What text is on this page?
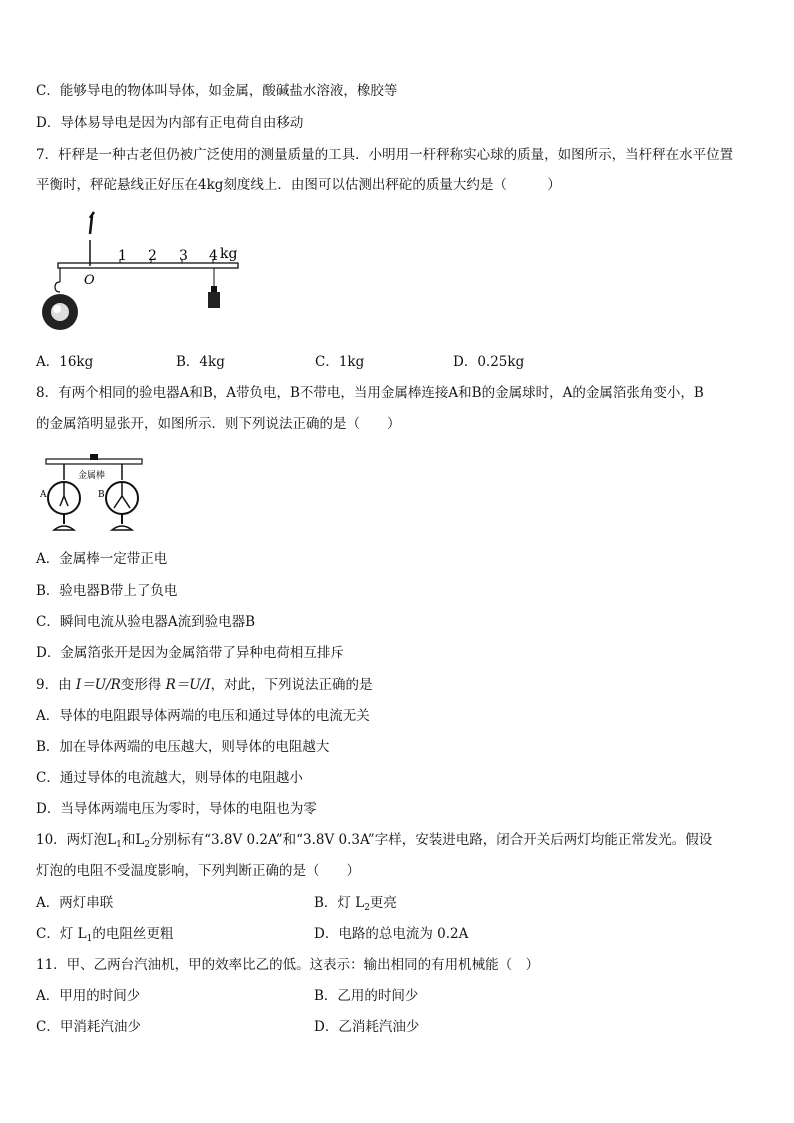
C．能够导电的物体叫导体，如金属，酸碱盐水溶液，橡胶等
D．导体易导电是因为内部有正电荷自由移动
7．杆秤是一种古老但仍被广泛使用的测量质量的工具．小明用一杆秤称实心球的质量，如图所示，当杆秤在水平位置
平衡时，秤砣悬线正好压在4kg刻度线上．由图可以估测出秤砣的质量大约是（　　　）
1 2 3 4 kg
O
A．16kg	B．4kg	C．1kg	D．0.25kg
8．有两个相同的验电器A和B，A带负电，B不带电，当用金属棒连接A和B的金属球时，A的金属箔张角变小，B
的金属箔明显张开，如图所示．则下列说法正确的是（　　）
金属棒
A	B
A．金属棒一定带正电
B．验电器B带上了负电
C．瞬间电流从验电器A流到验电器B
D．金属箔张开是因为金属箔带了异种电荷相互排斥
9．由 I＝U/R变形得 R＝U/I，对此，下列说法正确的是
A．导体的电阻跟导体两端的电压和通过导体的电流无关
B．加在导体两端的电压越大，则导体的电阻越大
C．通过导体的电流越大，则导体的电阻越小
D．当导体两端电压为零时，导体的电阻也为零
10．两灯泡$L_1$和$L_2$分别标有“3.8V 0.2A”和“3.8V 0.3A”字样，安装进电路，闭合开关后两灯均能正常发光。假设
灯泡的电阻不受温度影响，下列判断正确的是（　　）
A．两灯串联	B．灯 $L_2$更亮
C．灯 $L_1$的电阻丝更粗	D．电路的总电流为 0.2A
11．甲、乙两台汽油机，甲的效率比乙的低。这表示：输出相同的有用机械能（　）
A．甲用的时间少	B．乙用的时间少
C．甲消耗汽油少	D．乙消耗汽油少
